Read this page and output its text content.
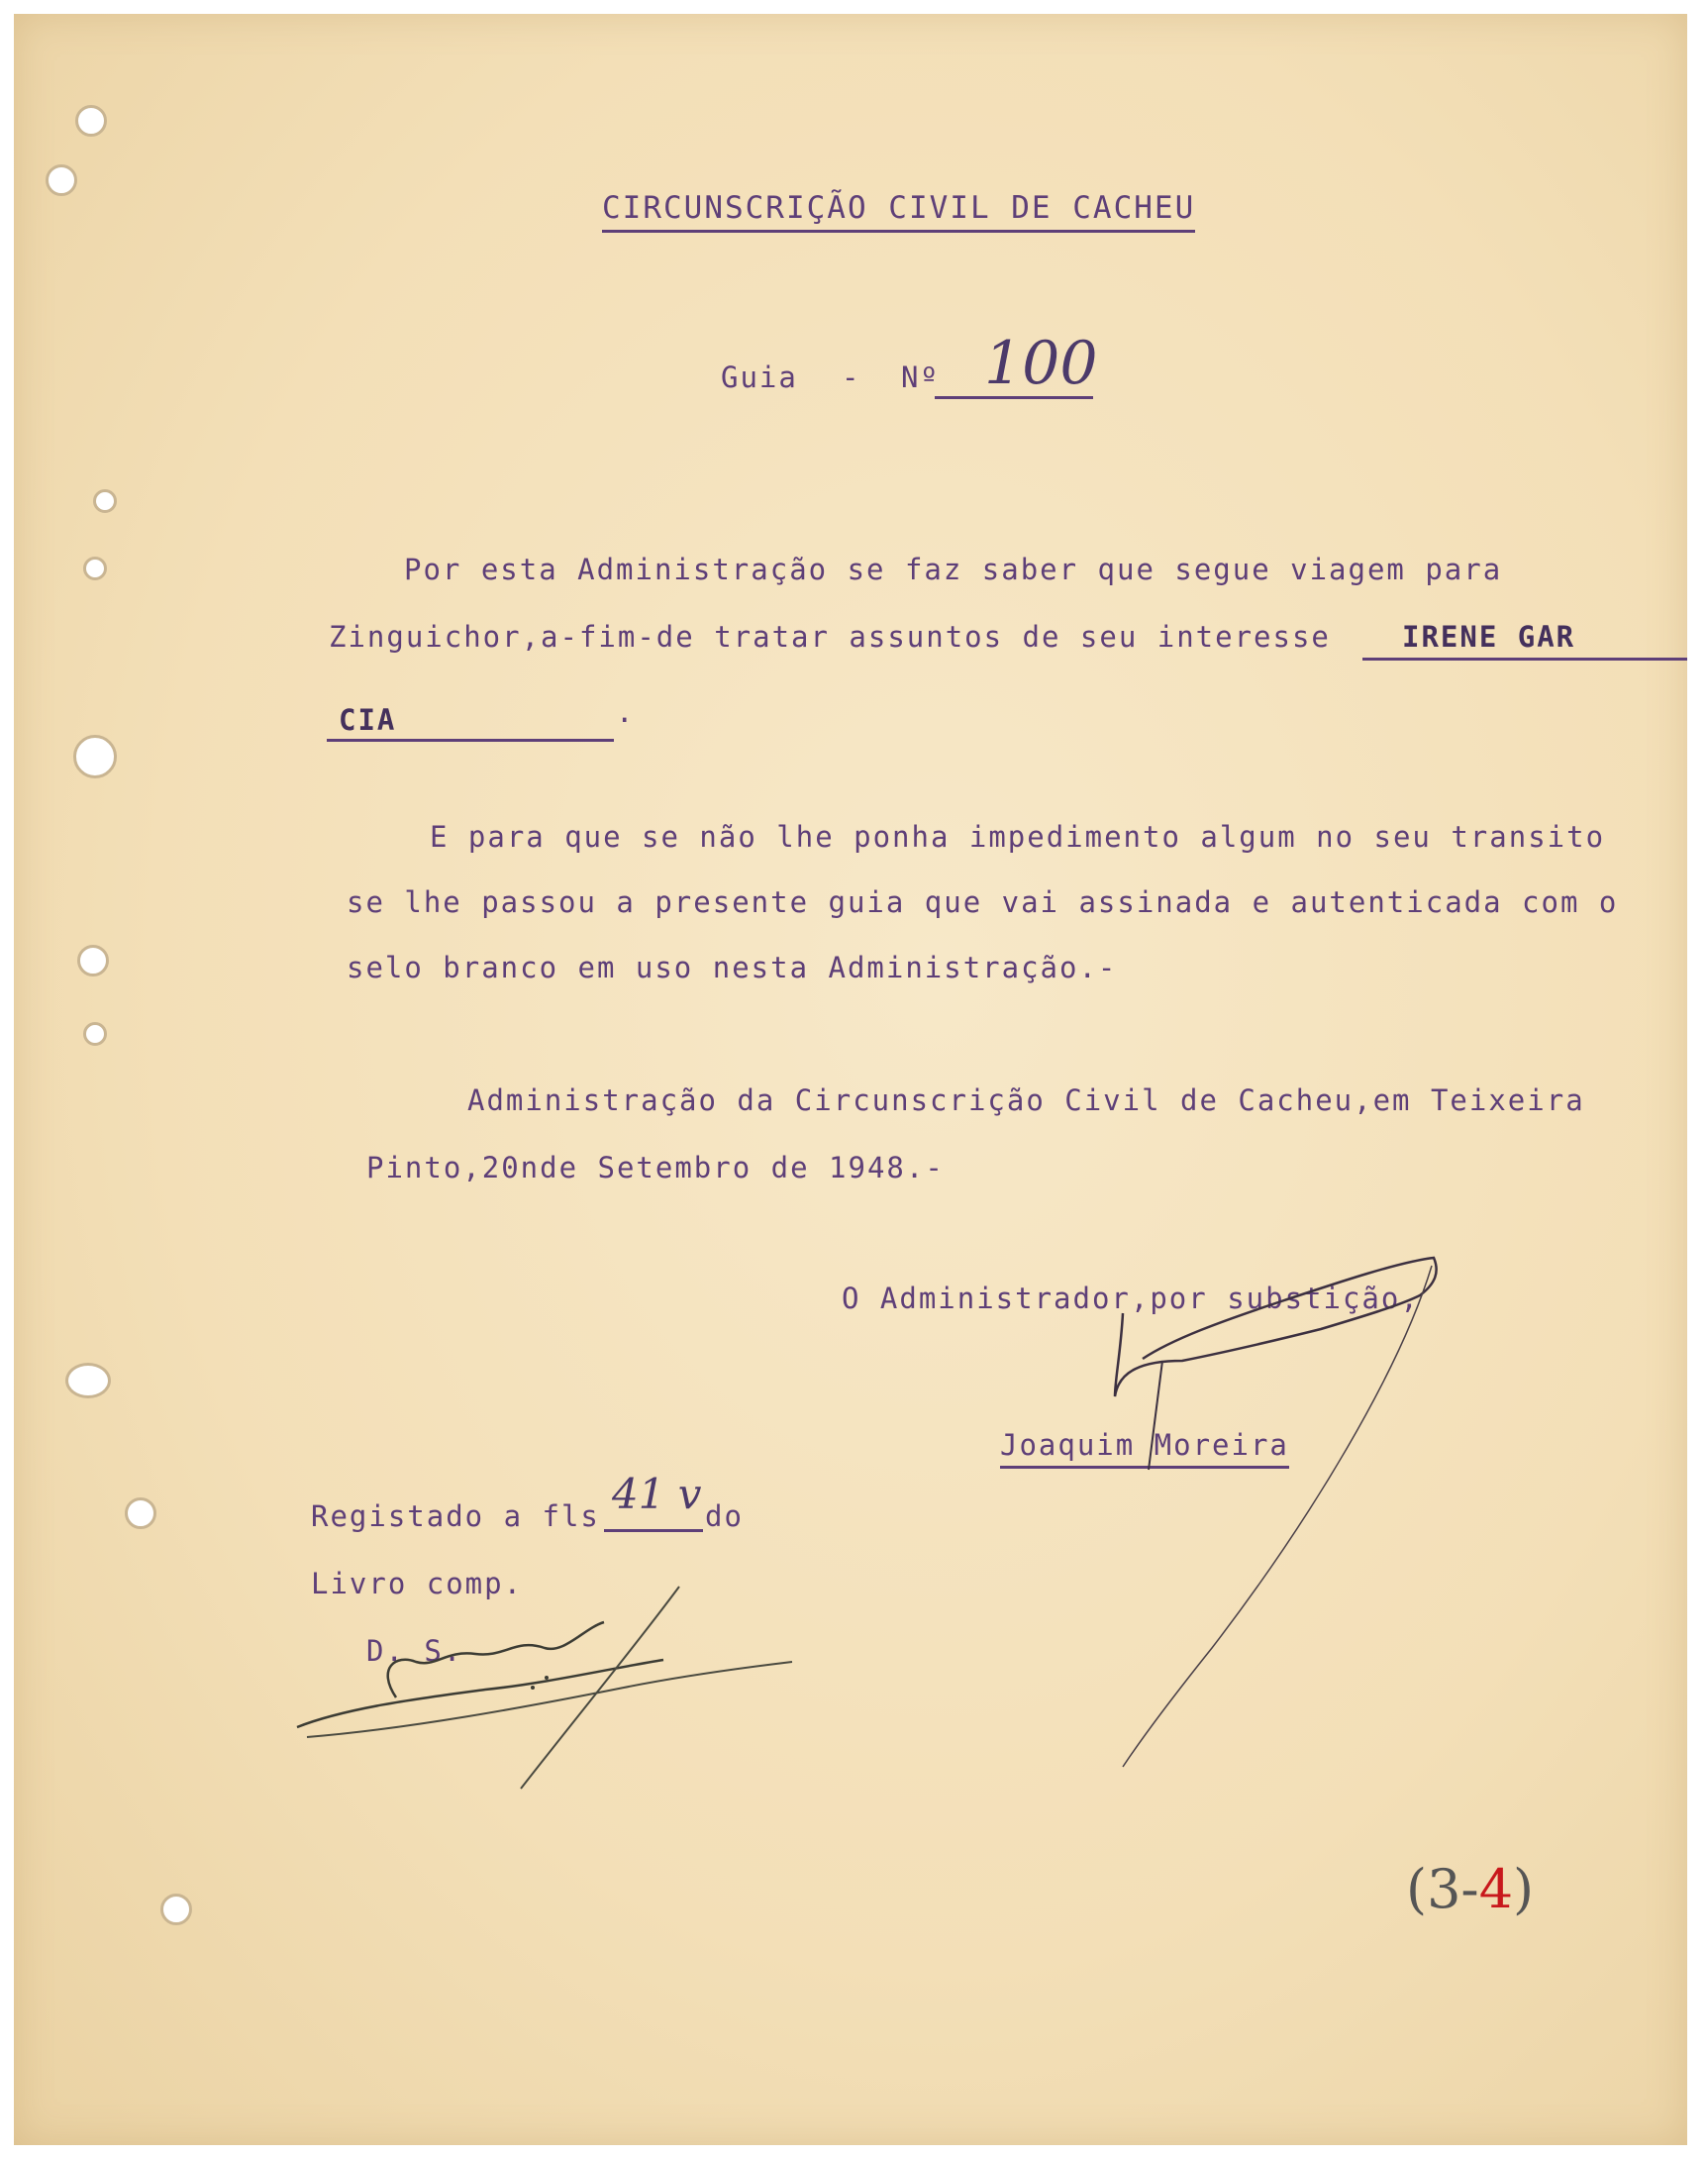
CIRCUNSCRIÇÃO CIVIL DE CACHEU
Guia - Nº 100
Por esta Administração se faz saber que segue viagem para
Zinguichor,a-fim-de tratar assuntos de seu interesse IRENE GAR
CIA	.
E para que se não lhe ponha impedimento algum no seu transito
se lhe passou a presente guia que vai assinada e autenticada com o
selo branco em uso nesta Administração.-
Administração da Circunscrição Civil de Cacheu,em Teixeira
Pinto,20nde Setembro de 1948.-
O Administrador,por substição,
Joaquim Moreira
Registado a fls 41 v do
Livro comp.
D. S.
(3-4)
